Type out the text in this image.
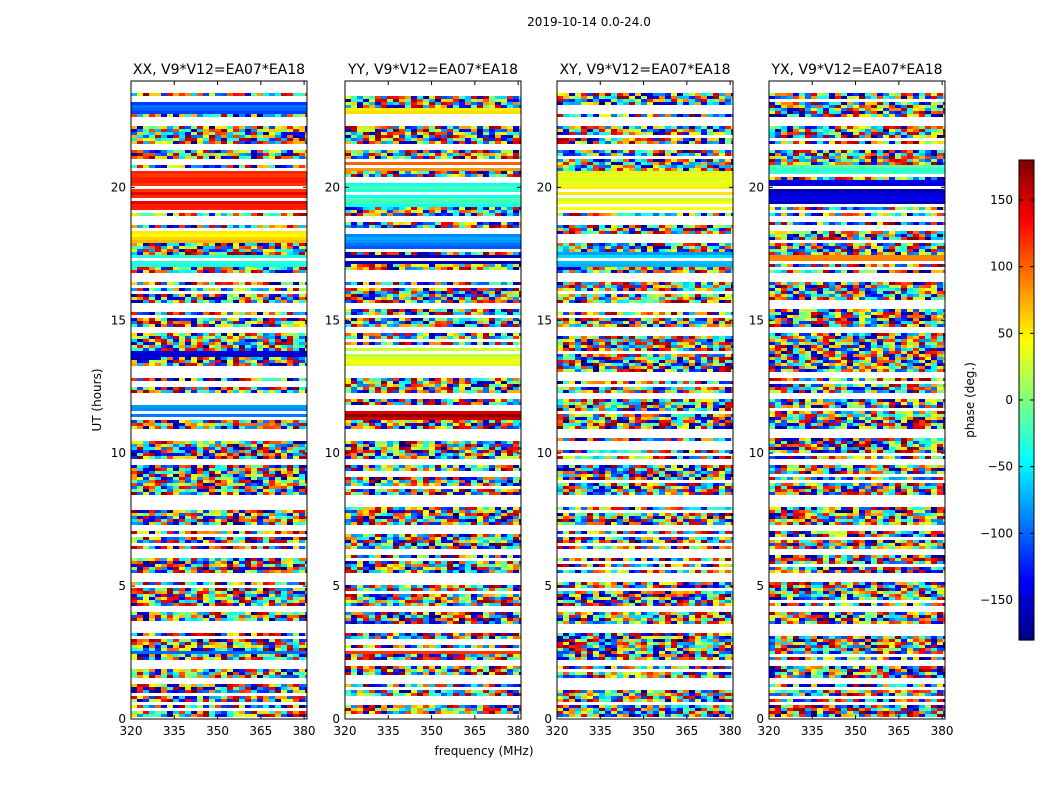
2019-10-14 0.0-24.0
XX, V9*V12=EA07*EA18
320 335 350 365 380
0
5
10
15
20
YY, V9*V12=EA07*EA18
320 335 350 365 380
0
5
10
15
20
XY, V9*V12=EA07*EA18
320 335 350 365 380
0
5
10
15
20
YX, V9*V12=EA07*EA18
320 335 350 365 380
0
5
10
15
20
frequency (MHz)
UT (hours)
−150
−100
−50
0
50
100
150
phase (deg.)
